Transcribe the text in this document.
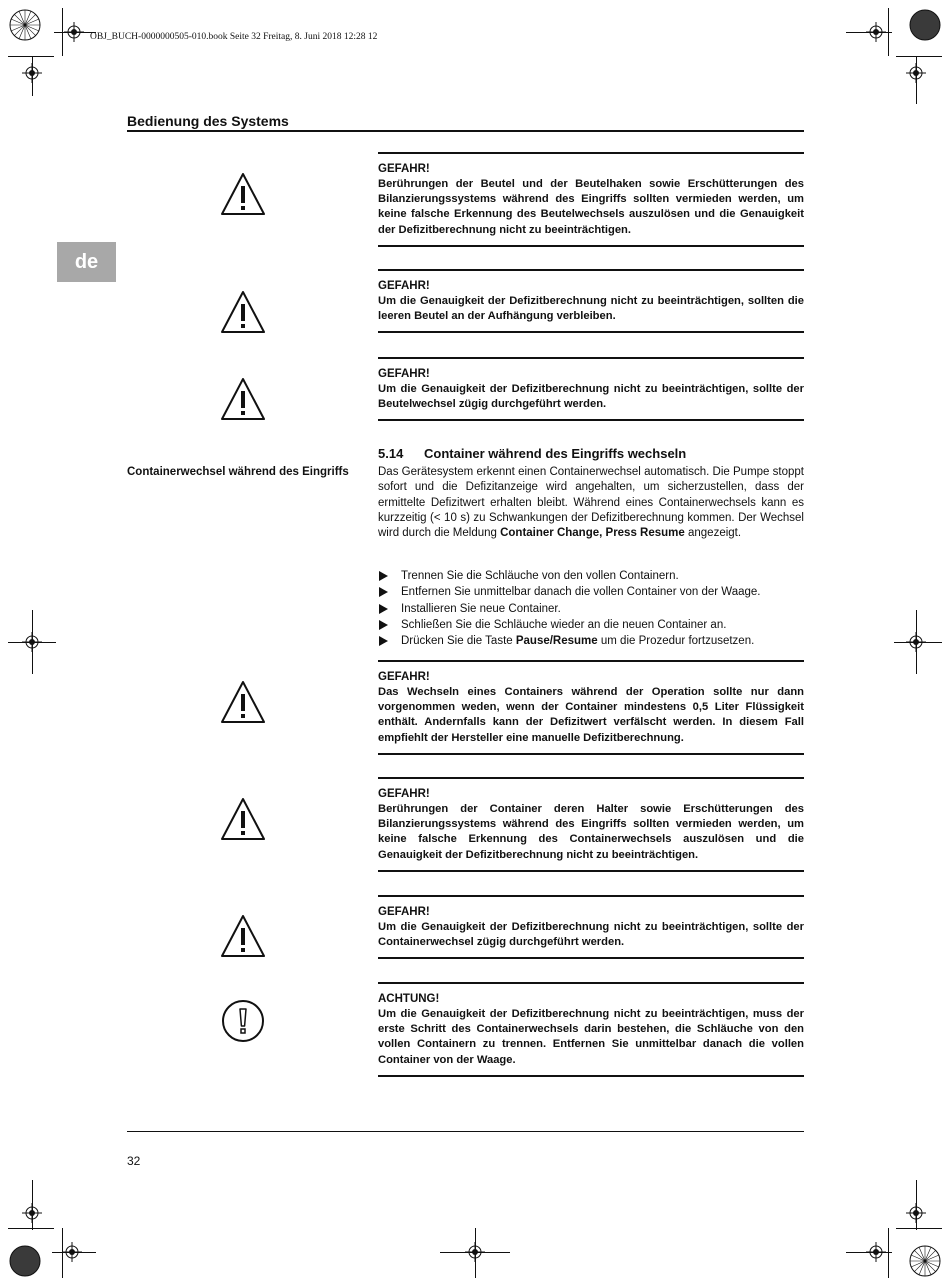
OBJ_BUCH-0000000505-010.book Seite 32 Freitag, 8. Juni 2018 12:28 12
Bedienung des Systems
de
GEFAHR!
Berührungen der Beutel und der Beutelhaken sowie Erschütterungen des Bilanzierungssystems während des Eingriffs sollten vermieden werden, um keine falsche Erkennung des Beutelwechsels auszulösen und die Genauigkeit der Defizitberechnung nicht zu beeinträchtigen.
GEFAHR!
Um die Genauigkeit der Defizitberechnung nicht zu beeinträchtigen, sollten die leeren Beutel an der Aufhängung verbleiben.
GEFAHR!
Um die Genauigkeit der Defizitberechnung nicht zu beeinträchtigen, sollte der Beutelwechsel zügig durchgeführt werden.
5.14 Container während des Eingriffs wechseln
Containerwechsel während des Eingriffs	Das Gerätesystem erkennt einen Containerwechsel automatisch. Die Pumpe stoppt sofort und die Defizitanzeige wird angehalten, um sicherzustellen, dass der ermittelte Defizitwert erhalten bleibt. Während eines Containerwechsels kann es kurzzeitig (< 10 s) zu Schwankungen der Defizitberechnung kommen. Der Wechsel wird durch die Meldung Container Change, Press Resume angezeigt.
Trennen Sie die Schläuche von den vollen Containern.
Entfernen Sie unmittelbar danach die vollen Container von der Waage.
Installieren Sie neue Container.
Schließen Sie die Schläuche wieder an die neuen Container an.
Drücken Sie die Taste Pause/Resume um die Prozedur fortzusetzen.
GEFAHR!
Das Wechseln eines Containers während der Operation sollte nur dann vorgenommen weden, wenn der Container mindestens 0,5 Liter Flüssigkeit enthält. Andernfalls kann der Defizitwert verfälscht werden. In diesem Fall empfiehlt der Hersteller eine manuelle Defizitberechnung.
GEFAHR!
Berührungen der Container deren Halter sowie Erschütterungen des Bilanzierungssystems während des Eingriffs sollten vermieden werden, um keine falsche Erkennung des Containerwechsels auszulösen und die Genauigkeit der Defizitberechnung nicht zu beeinträchtigen.
GEFAHR!
Um die Genauigkeit der Defizitberechnung nicht zu beeinträchtigen, sollte der Containerwechsel zügig durchgeführt werden.
ACHTUNG!
Um die Genauigkeit der Defizitberechnung nicht zu beeinträchtigen, muss der erste Schritt des Containerwechsels darin bestehen, die Schläuche von den vollen Containern zu trennen. Entfernen Sie unmittelbar danach die vollen Container von der Waage.
32
